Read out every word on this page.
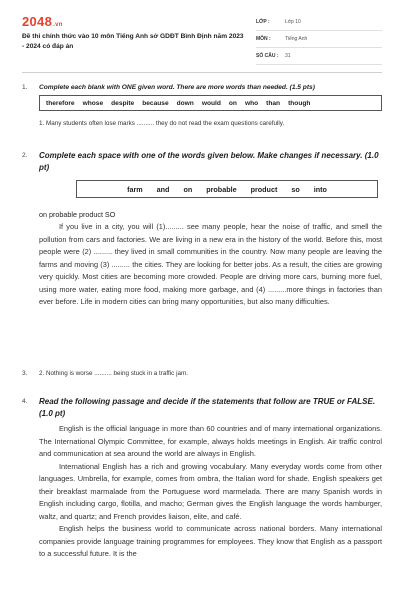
2048.vn
Đề thi chính thức vào 10 môn Tiếng Anh sở GDĐT Bình Định năm 2023 - 2024 có đáp án
LỚP :	Lớp 10
MÔN :	Tiếng Anh
SỐ CÂU :	31
1.	Complete each blank with ONE given word. There are more words than needed. (1.5 pts)
therefore whose despite because down would on who than though
1. Many students often lose marks .......... they do not read the exam questions carefully.
2.	Complete each space with one of the words given below. Make changes if necessary. (1.0 pt)
farm and on probable product so into
on probable product SO
If you live in a city, you will (1)......... see many people, hear the noise of traffic, and smell the pollution from cars and factories. We are living in a new era in the history of the world. Before this, most people were (2) ......... they lived in small communities in the country. Now many people are leaving the farms and moving (3) ......... the cities. They are looking for better jobs. As a result, the cities are growing very quickly. Most cities are becoming more crowded. People are driving more cars, burning more fuel, using more water, eating more food, making more garbage, and (4) .........more things in factories than ever before. Life in modern cities can bring many opportunities, but also many difficulties.
3.	2. Nothing is worse .......... being stuck in a traffic jam.
4.	Read the following passage and decide if the statements that follow are TRUE or FALSE. (1.0 pt)
English is the official language in more than 60 countries and of many international organizations. The International Olympic Committee, for example, always holds meetings in English. Air traffic control and communication at sea around the world are always in English.
International English has a rich and growing vocabulary. Many everyday words come from other languages. Umbrella, for example, comes from ombra, the Italian word for shade. English speakers get their breakfast marmalade from the Portuguese word marmelada. There are many Spanish words in English including cargo, flotilla, and macho; German gives the English language the words hamburger, waltz, and quartz; and French provides liaison, elite, and café.
English helps the business world to communicate across national borders. Many international companies provide language training programmes for employees. They know that English as a passport to a successful future. It is the
